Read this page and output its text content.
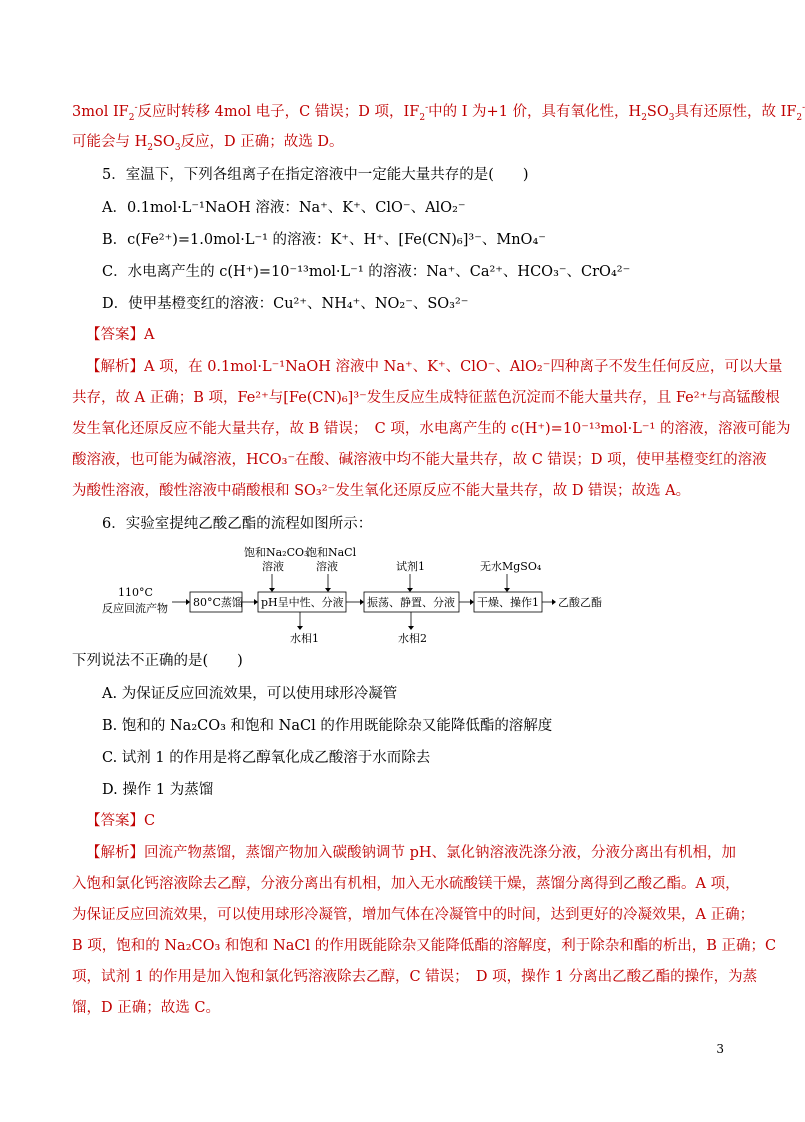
3mol $IF_2^-$反应时转移 4mol 电子，C 错误；D 项，$IF_2^-$中的 I 为+1 价，具有氧化性，$H_2SO_3$具有还原性，故 $IF_2^-$
可能会与 $H_2SO_3$反应，D 正确；故选 D。
5．室温下，下列各组离子在指定溶液中一定能大量共存的是(　　)
A．0.1mol·L⁻¹NaOH 溶液：Na⁺、K⁺、ClO⁻、AlO₂⁻
B．c(Fe²⁺)=1.0mol·L⁻¹ 的溶液：K⁺、H⁺、[Fe(CN)₆]³⁻、MnO₄⁻
C．水电离产生的 c(H⁺)=10⁻¹³mol·L⁻¹ 的溶液：Na⁺、Ca²⁺、HCO₃⁻、CrO₄²⁻
D．使甲基橙变红的溶液：Cu²⁺、NH₄⁺、NO₂⁻、SO₃²⁻
【答案】A
【解析】A 项，在 0.1mol·L⁻¹NaOH 溶液中 Na⁺、K⁺、ClO⁻、AlO₂⁻四种离子不发生任何反应，可以大量
共存，故 A 正确；B 项，Fe²⁺与[Fe(CN)₆]³⁻发生反应生成特征蓝色沉淀而不能大量共存，且 Fe²⁺与高锰酸根
发生氧化还原反应不能大量共存，故 B 错误；　C 项，水电离产生的 c(H⁺)=10⁻¹³mol·L⁻¹ 的溶液，溶液可能为
酸溶液，也可能为碱溶液，HCO₃⁻在酸、碱溶液中均不能大量共存，故 C 错误；D 项，使甲基橙变红的溶液
为酸性溶液，酸性溶液中硝酸根和 SO₃²⁻发生氧化还原反应不能大量共存，故 D 错误；故选 A。
6．实验室提纯乙酸乙酯的流程如图所示：
110°C
反应回流产物 80°C蒸馏 pH呈中性、分液 振荡、静置、分液 干燥、操作1 乙酸乙酯
饱和Na₂CO₃
溶液
饱和NaCl
溶液	试剂1	无水MgSO₄
水相1	水相2
下列说法不正确的是(　　)
A. 为保证反应回流效果，可以使用球形冷凝管
B. 饱和的 Na₂CO₃ 和饱和 NaCl 的作用既能除杂又能降低酯的溶解度
C. 试剂 1 的作用是将乙醇氧化成乙酸溶于水而除去
D. 操作 1 为蒸馏
【答案】C
【解析】回流产物蒸馏，蒸馏产物加入碳酸钠调节 pH、氯化钠溶液洗涤分液，分液分离出有机相，加
入饱和氯化钙溶液除去乙醇，分液分离出有机相，加入无水硫酸镁干燥，蒸馏分离得到乙酸乙酯。A 项，
为保证反应回流效果，可以使用球形冷凝管，增加气体在冷凝管中的时间，达到更好的冷凝效果，A 正确；
B 项，饱和的 Na₂CO₃ 和饱和 NaCl 的作用既能除杂又能降低酯的溶解度，利于除杂和酯的析出，B 正确；C
项，试剂 1 的作用是加入饱和氯化钙溶液除去乙醇，C 错误；　D 项，操作 1 分离出乙酸乙酯的操作，为蒸
馏，D 正确；故选 C。
3
